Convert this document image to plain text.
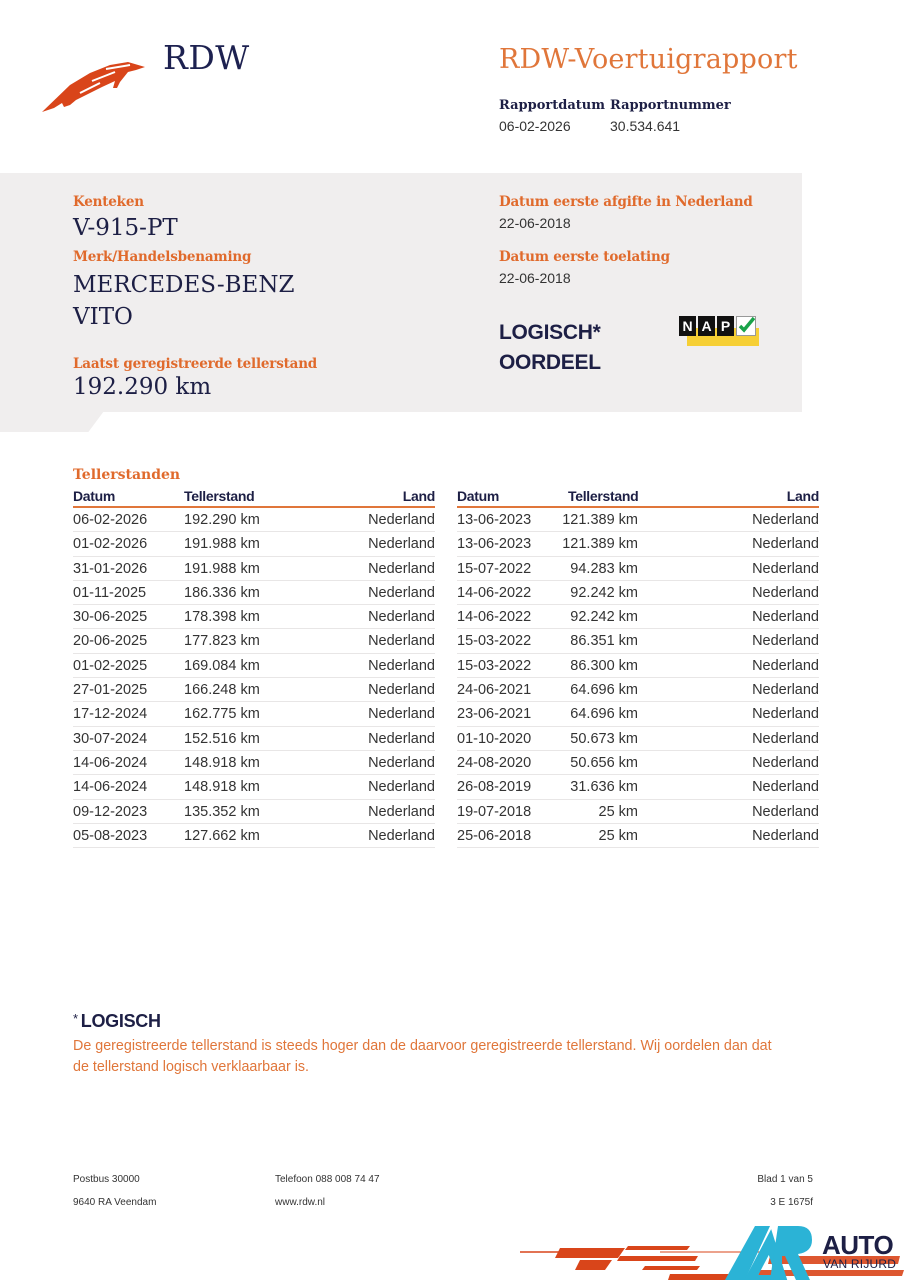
RDW	RDW-Voertuigrapport
Rapportdatum
06-02-2026
Rapportnummer
30.534.641
Kenteken
V-915-PT
Merk/Handelsbenaming
MERCEDES-BENZ
VITO
Laatst geregistreerde tellerstand
192.290 km
Datum eerste afgifte in Nederland
22-06-2018
Datum eerste toelating
22-06-2018
LOGISCH*
OORDEEL
N A P
Tellerstanden
Datum	Tellerstand	Land
06-02-2026	192.290 km	Nederland
01-02-2026	191.988 km	Nederland
31-01-2026	191.988 km	Nederland
01-11-2025	186.336 km	Nederland
30-06-2025	178.398 km	Nederland
20-06-2025	177.823 km	Nederland
01-02-2025	169.084 km	Nederland
27-01-2025	166.248 km	Nederland
17-12-2024	162.775 km	Nederland
30-07-2024	152.516 km	Nederland
14-06-2024	148.918 km	Nederland
14-06-2024	148.918 km	Nederland
09-12-2023	135.352 km	Nederland
05-08-2023	127.662 km	Nederland
Datum	Tellerstand	Land
13-06-2023	121.389 km	Nederland
13-06-2023	121.389 km	Nederland
15-07-2022	94.283 km	Nederland
14-06-2022	92.242 km	Nederland
14-06-2022	92.242 km	Nederland
15-03-2022	86.351 km	Nederland
15-03-2022	86.300 km	Nederland
24-06-2021	64.696 km	Nederland
23-06-2021	64.696 km	Nederland
01-10-2020	50.673 km	Nederland
24-08-2020	50.656 km	Nederland
26-08-2019	31.636 km	Nederland
19-07-2018	25 km	Nederland
25-06-2018	25 km	Nederland
* LOGISCH
De geregistreerde tellerstand is steeds hoger dan de daarvoor geregistreerde tellerstand. Wij oordelen dan dat de tellerstand logisch verklaarbaar is.
Postbus 30000
9640 RA Veendam
Telefoon 088 008 74 47
www.rdw.nl
Blad 1 van 5
3 E 1675f
AUTO
VAN RIJURD
